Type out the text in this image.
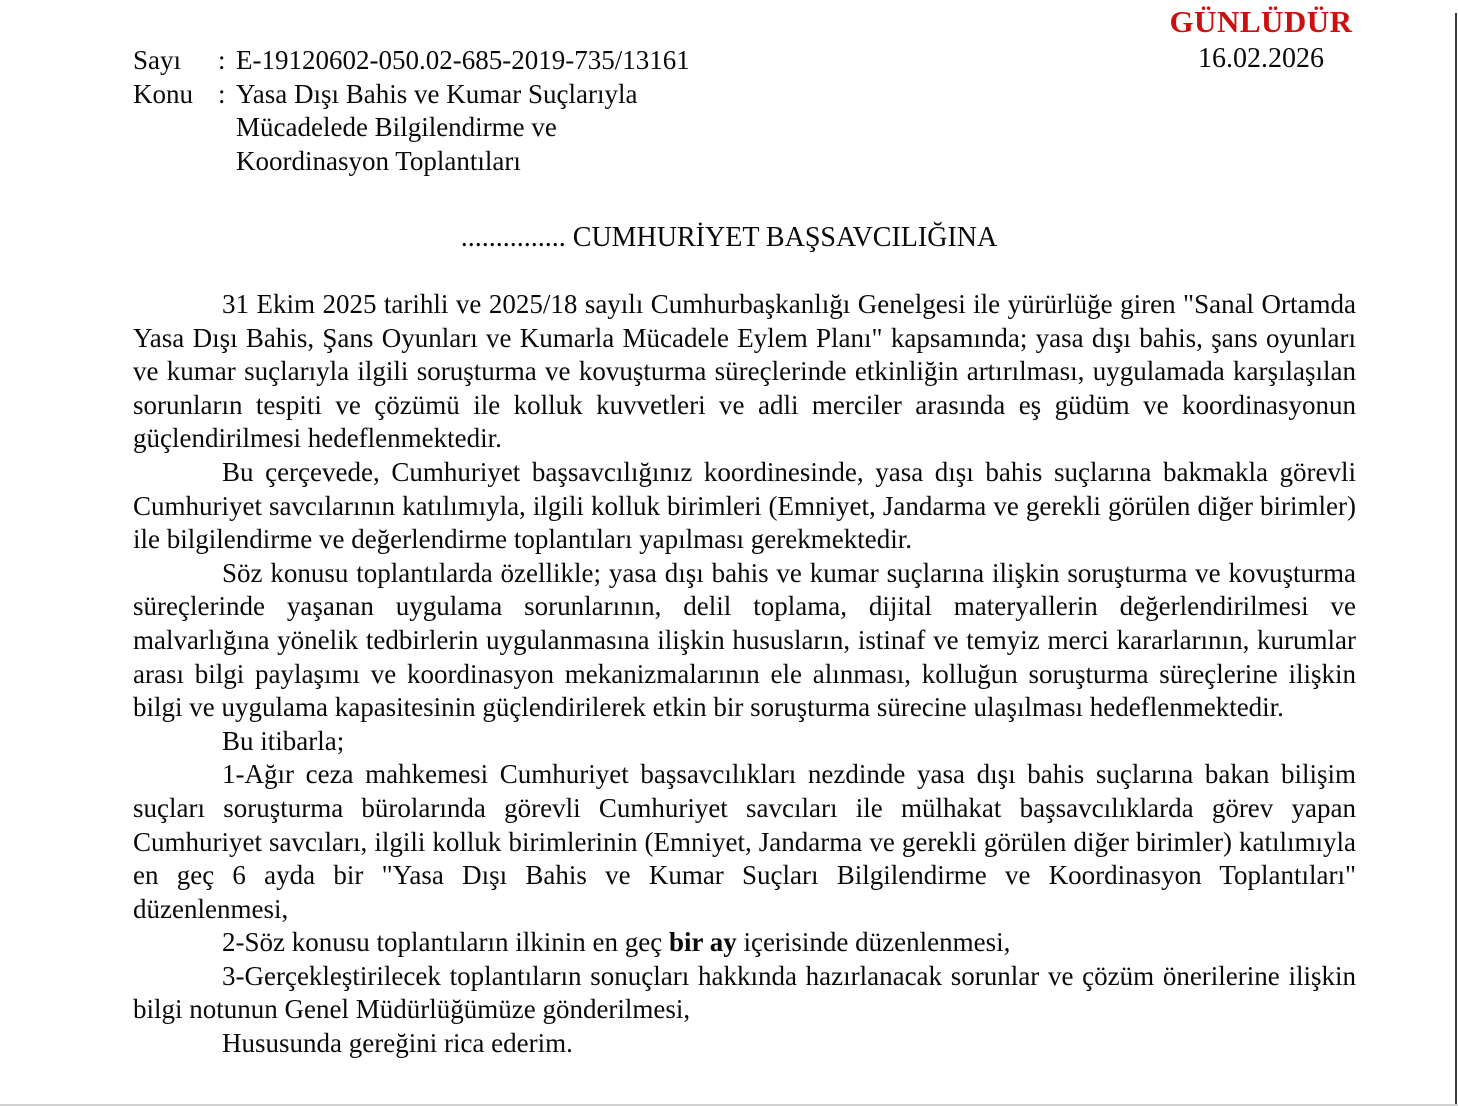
GÜNLÜDÜR
16.02.2026
Sayı	: E-19120602-050.02-685-2019-735/13161
Konu : Yasa Dışı Bahis ve Kumar Suçlarıyla
Mücadelede Bilgilendirme ve
Koordinasyon Toplantıları
............... CUMHURİYET BAŞSAVCILIĞINA

31 Ekim 2025 tarihli ve 2025/18 sayılı Cumhurbaşkanlığı Genelgesi ile yürürlüğe giren "Sanal Ortamda Yasa Dışı Bahis, Şans Oyunları ve Kumarla Mücadele Eylem Planı" kapsamında; yasa dışı bahis, şans oyunları ve kumar suçlarıyla ilgili soruşturma ve kovuşturma süreçlerinde etkinliğin artırılması, uygulamada karşılaşılan sorunların tespiti ve çözümü ile kolluk kuvvetleri ve adli merciler arasında eş güdüm ve koordinasyonun güçlendirilmesi hedeflenmektedir.

Bu çerçevede, Cumhuriyet başsavcılığınız koordinesinde, yasa dışı bahis suçlarına bakmakla görevli Cumhuriyet savcılarının katılımıyla, ilgili kolluk birimleri (Emniyet, Jandarma ve gerekli görülen diğer birimler) ile bilgilendirme ve değerlendirme toplantıları yapılması gerekmektedir.

Söz konusu toplantılarda özellikle; yasa dışı bahis ve kumar suçlarına ilişkin soruşturma ve kovuşturma süreçlerinde yaşanan uygulama sorunlarının, delil toplama, dijital materyallerin değerlendirilmesi ve malvarlığına yönelik tedbirlerin uygulanmasına ilişkin hususların, istinaf ve temyiz merci kararlarının, kurumlar arası bilgi paylaşımı ve koordinasyon mekanizmalarının ele alınması, kolluğun soruşturma süreçlerine ilişkin bilgi ve uygulama kapasitesinin güçlendirilerek etkin bir soruşturma sürecine ulaşılması hedeflenmektedir.

Bu itibarla;

1-Ağır ceza mahkemesi Cumhuriyet başsavcılıkları nezdinde yasa dışı bahis suçlarına bakan bilişim suçları soruşturma bürolarında görevli Cumhuriyet savcıları ile mülhakat başsavcılıklarda görev yapan Cumhuriyet savcıları, ilgili kolluk birimlerinin (Emniyet, Jandarma ve gerekli görülen diğer birimler) katılımıyla en geç 6 ayda bir "Yasa Dışı Bahis ve Kumar Suçları Bilgilendirme ve Koordinasyon Toplantıları" düzenlenmesi,

2-Söz konusu toplantıların ilkinin en geç bir ay içerisinde düzenlenmesi,

3-Gerçekleştirilecek toplantıların sonuçları hakkında hazırlanacak sorunlar ve çözüm önerilerine ilişkin bilgi notunun Genel Müdürlüğümüze gönderilmesi,

Hususunda gereğini rica ederim.
